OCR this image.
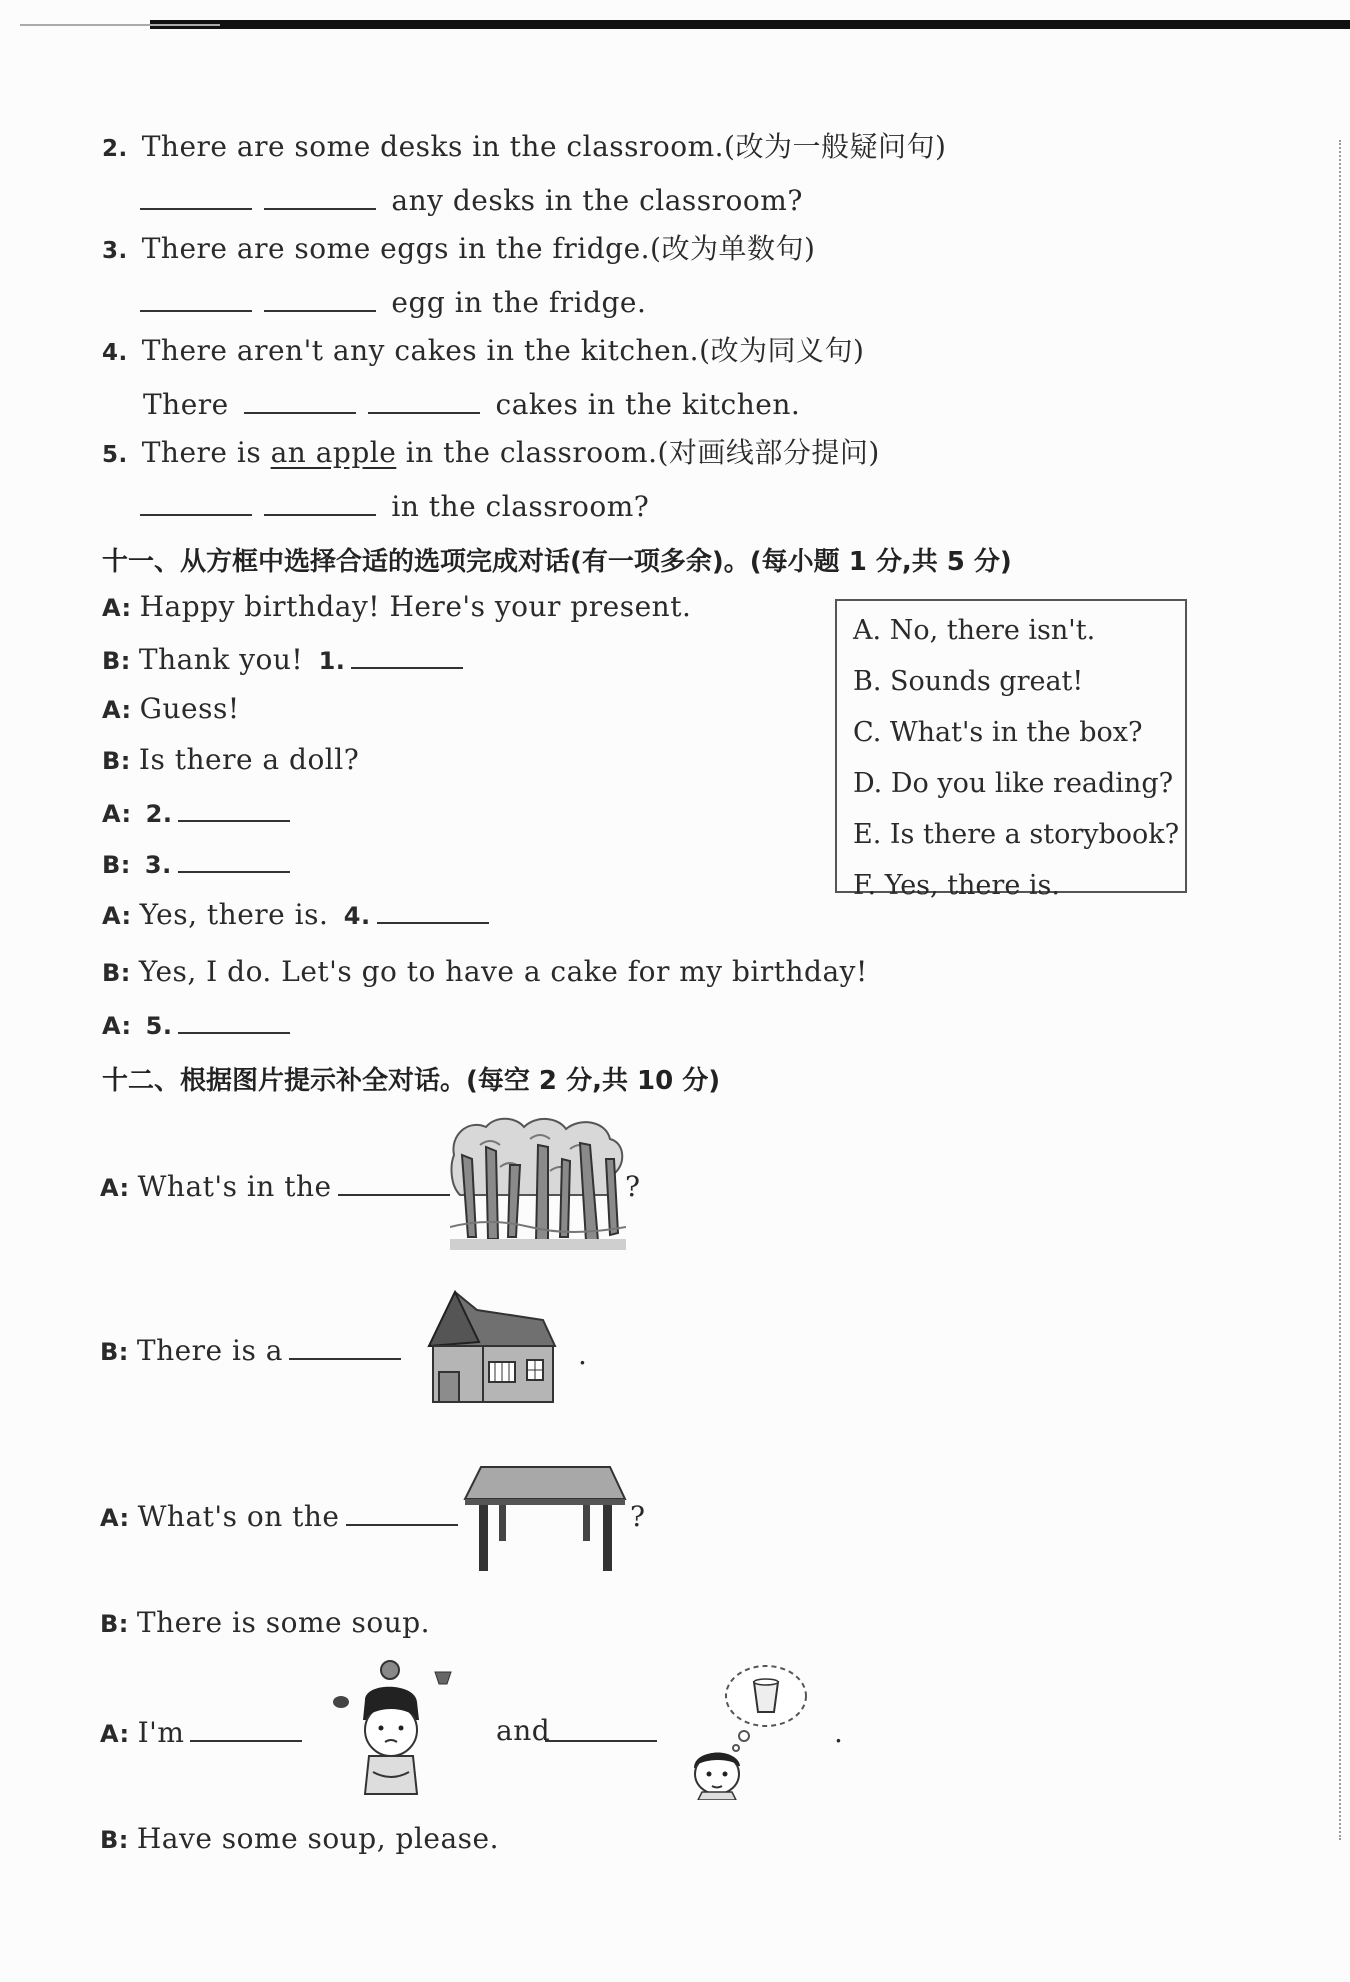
2. There are some desks in the classroom.(改为一般疑问句)
any desks in the classroom?
3. There are some eggs in the fridge.(改为单数句)
egg in the fridge.
4. There aren't any cakes in the kitchen.(改为同义句)
There	cakes in the kitchen.
5. There is an apple in the classroom.(对画线部分提问)
in the classroom?
十一、从方框中选择合适的选项完成对话(有一项多余)。(每小题 1 分,共 5 分)
A: Happy birthday! Here's your present.
B: Thank you! 1.
A: Guess!
B: Is there a doll?
A: 2.
B: 3.
A: Yes, there is. 4.
B: Yes, I do. Let's go to have a cake for my birthday!
A: 5.
A. No, there isn't.
B. Sounds great!
C. What's in the box?
D. Do you like reading?
E. Is there a storybook?
F. Yes, there is.
十二、根据图片提示补全对话。(每空 2 分,共 10 分)
A: What's in the	?
B: There is a	.
A: What's on the	?
B: There is some soup.
A: I'm	and	.
B: Have some soup, please.
